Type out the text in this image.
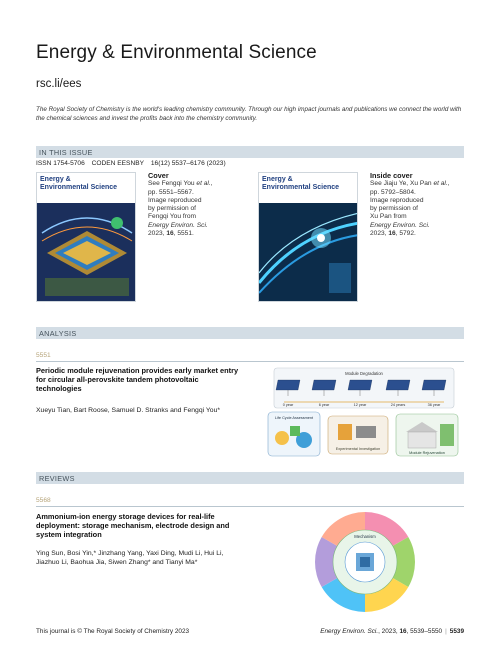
Energy & Environmental Science
rsc.li/ees
The Royal Society of Chemistry is the world's leading chemistry community. Through our high impact journals and publications we connect the world with the chemical sciences and invest the profits back into the chemistry community.
IN THIS ISSUE
ISSN 1754-5706 CODEN EESNBY 16(12) 5537–6176 (2023)
Energy & Environmental Science
Cover
See Fengqi You et al.,
pp. 5551–5567.
Image reproduced
by permission of
Fengqi You from
Energy Environ. Sci.
2023, 16, 5551.
Energy & Environmental Science
Inside cover
See Jiaju Ye, Xu Pan et al.,
pp. 5792–5804.
Image reproduced
by permission of
Xu Pan from
Energy Environ. Sci.
2023, 16, 5792.
ANALYSIS
5551
Periodic module rejuvenation provides early market entry for circular all-perovskite tandem photovoltaic technologies
Xueyu Tian, Bart Roose, Samuel D. Stranks and Fengqi You*
Module Degradation
0 year	6 year	12 year	24 years	36 year
Life Cycle Assessment
Experimental Investigation
Module Rejuvenation
REVIEWS
5568
Ammonium-ion energy storage devices for real-life deployment: storage mechanism, electrode design and system integration
Ying Sun, Bosi Yin,* Jinzhang Yang, Yaxi Ding, Mudi Li, Hui Li, Jiazhuo Li, Baohua Jia, Siwen Zhang* and Tianyi Ma*
Mechanism
This journal is © The Royal Society of Chemistry 2023	Energy Environ. Sci., 2023, 16, 5539–5550 | 5539
